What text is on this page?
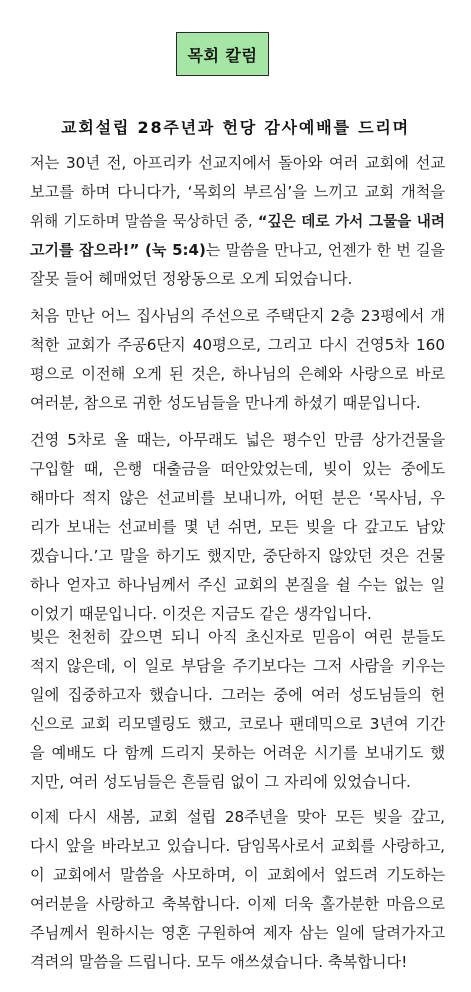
목회 칼럼
교회설립 28주년과 헌당 감사예배를 드리며
저는 30년 전, 아프리카 선교지에서 돌아와 여러 교회에 선교
보고를 하며 다니다가, ‘목회의 부르심’을 느끼고 교회 개척을
위해 기도하며 말씀을 묵상하던 중, “깊은 데로 가서 그물을 내려
고기를 잡으라!” (눅 5:4)는 말씀을 만나고, 언젠가 한 번 길을
잘못 들어 헤매었던 정왕동으로 오게 되었습니다.
처음 만난 어느 집사님의 주선으로 주택단지 2층 23평에서 개
척한 교회가 주공6단지 40평으로, 그리고 다시 건영5차 160
평으로 이전해 오게 된 것은, 하나님의 은혜와 사랑으로 바로
여러분, 참으로 귀한 성도님들을 만나게 하셨기 때문입니다.
건영 5차로 올 때는, 아무래도 넓은 평수인 만큼 상가건물을
구입할 때, 은행 대출금을 떠안았었는데, 빚이 있는 중에도
해마다 적지 않은 선교비를 보내니까, 어떤 분은 ‘목사님, 우
리가 보내는 선교비를 몇 년 쉬면, 모든 빚을 다 갚고도 남았
겠습니다.’고 말을 하기도 했지만, 중단하지 않았던 것은 건물
하나 얻자고 하나님께서 주신 교회의 본질을 쉴 수는 없는 일
이었기 때문입니다. 이것은 지금도 같은 생각입니다.
빚은 천천히 갚으면 되니 아직 초신자로 믿음이 여린 분들도
적지 않은데, 이 일로 부담을 주기보다는 그저 사람을 키우는
일에 집중하고자 했습니다. 그러는 중에 여러 성도님들의 헌
신으로 교회 리모델링도 했고, 코로나 팬데믹으로 3년여 기간
을 예배도 다 함께 드리지 못하는 어려운 시기를 보내기도 했
지만, 여러 성도님들은 흔들림 없이 그 자리에 있었습니다.
이제 다시 새봄, 교회 설립 28주년을 맞아 모든 빚을 갚고,
다시 앞을 바라보고 있습니다. 담임목사로서 교회를 사랑하고,
이 교회에서 말씀을 사모하며, 이 교회에서 엎드려 기도하는
여러분을 사랑하고 축복합니다. 이제 더욱 홀가분한 마음으로
주님께서 원하시는 영혼 구원하여 제자 삼는 일에 달려가자고
격려의 말씀을 드립니다. 모두 애쓰셨습니다. 축복합니다!
